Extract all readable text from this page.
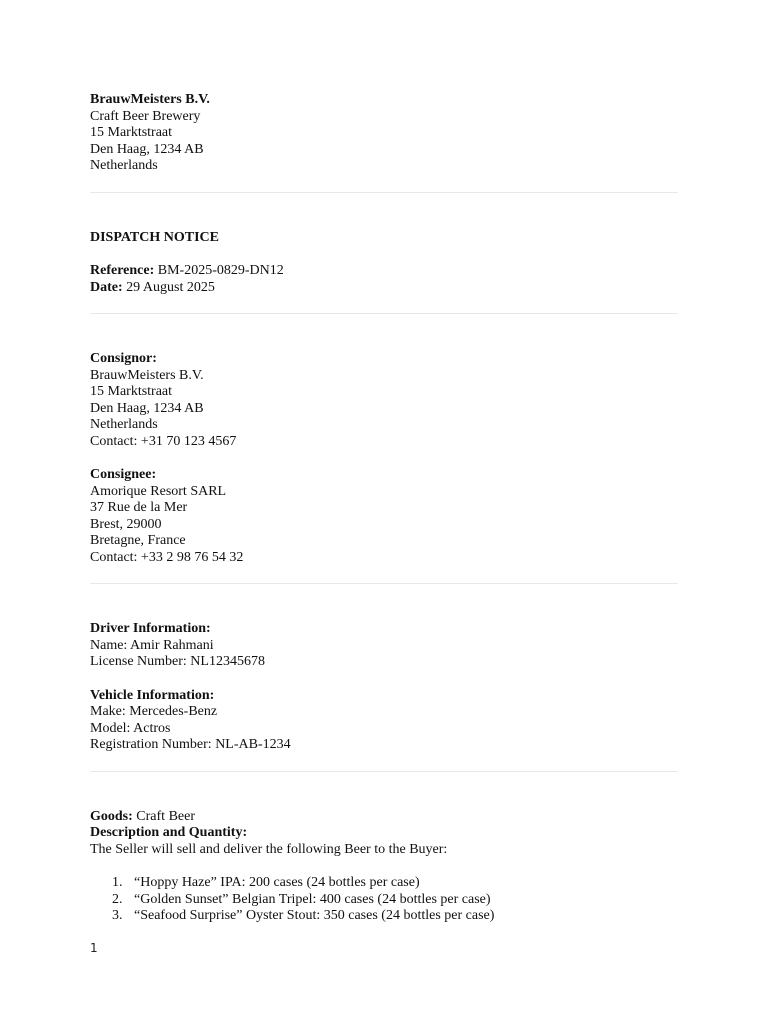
BrauwMeisters B.V.
Craft Beer Brewery
15 Marktstraat
Den Haag, 1234 AB
Netherlands
DISPATCH NOTICE
Reference: BM-2025-0829-DN12
Date: 29 August 2025
Consignor:
BrauwMeisters B.V.
15 Marktstraat
Den Haag, 1234 AB
Netherlands
Contact: +31 70 123 4567
Consignee:
Amorique Resort SARL
37 Rue de la Mer
Brest, 29000
Bretagne, France
Contact: +33 2 98 76 54 32
Driver Information:
Name: Amir Rahmani
License Number: NL12345678
Vehicle Information:
Make: Mercedes-Benz
Model: Actros
Registration Number: NL-AB-1234
Goods: Craft Beer
Description and Quantity:
The Seller will sell and deliver the following Beer to the Buyer:
1. “Hoppy Haze” IPA: 200 cases (24 bottles per case)
2. “Golden Sunset” Belgian Tripel: 400 cases (24 bottles per case)
3. “Seafood Surprise” Oyster Stout: 350 cases (24 bottles per case)
1
